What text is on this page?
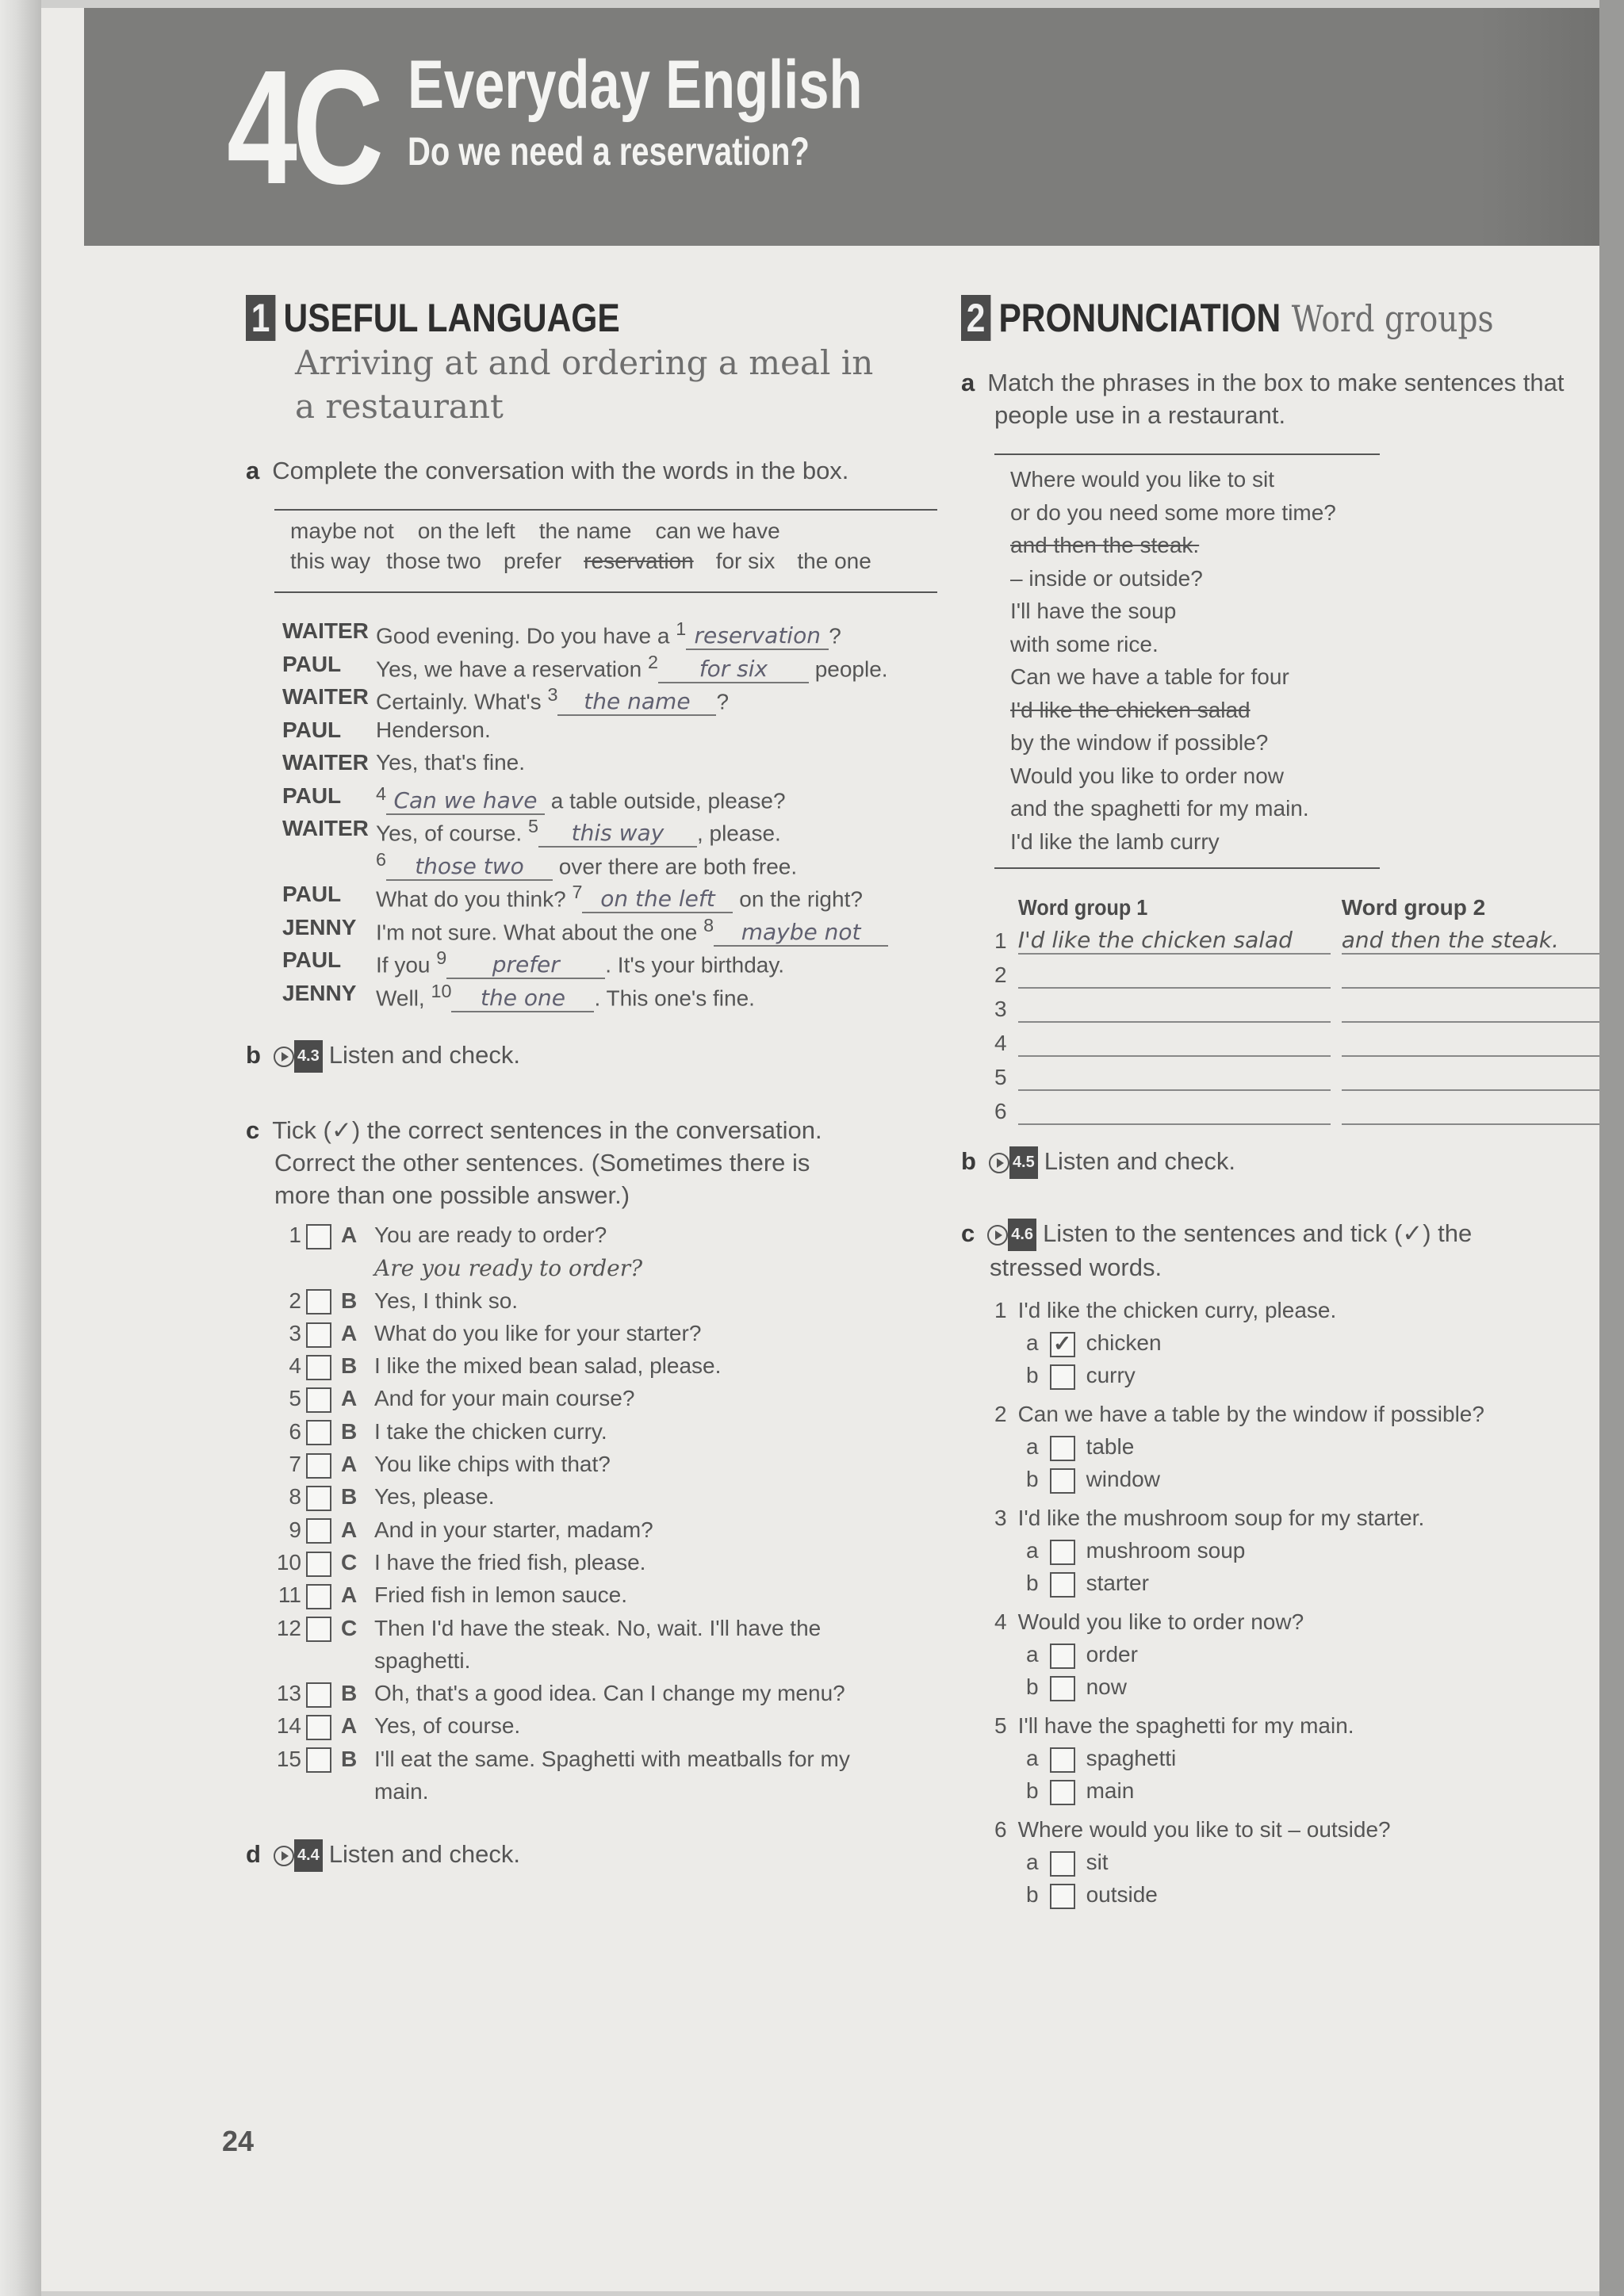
4C Everyday English
Do we need a reservation?
1 USEFUL LANGUAGE
Arriving at and ordering a meal in
a restaurant
a Complete the conversation with the words in the box.
maybe not on the left the name can we have
this way those two prefer reservation for six the one
WAITER	Good evening. Do you have a $^1$ reservation ?
PAUL	Yes, we have a reservation $^2$ for six people.
WAITER	Certainly. What's $^3$ the name ?
PAUL	Henderson.
WAITER	Yes, that's fine.
PAUL	$^4$ Can we have a table outside, please?
WAITER	Yes, of course. $^5$ this way , please.
	$^6$ those two over there are both free.
PAUL	What do you think? $^7$ on the left on the right?
JENNY	I'm not sure. What about the one $^8$ maybe not
PAUL	If you $^9$ prefer . It's your birthday.
JENNY	Well, $^{10}$ the one . This one's fine.
b 4.3 Listen and check.
c Tick (✓) the correct sentences in the conversation.
Correct the other sentences. (Sometimes there is
more than one possible answer.)
1		A	You are ready to order?
			Are you ready to order?
2		B	Yes, I think so.
3		A	What do you like for your starter?
4		B	I like the mixed bean salad, please.
5		A	And for your main course?
6		B	I take the chicken curry.
7		A	You like chips with that?
8		B	Yes, please.
9		A	And in your starter, madam?
10		C	I have the fried fish, please.
11		A	Fried fish in lemon sauce.
12		C	Then I'd have the steak. No, wait. I'll have the
			spaghetti.
13		B	Oh, that's a good idea. Can I change my menu?
14		A	Yes, of course.
15		B	I'll eat the same. Spaghetti with meatballs for my
			main.
d 4.4 Listen and check.
24
2 PRONUNCIATION Word groups
a Match the phrases in the box to make sentences that
people use in a restaurant.
Where would you like to sit
or do you need some more time?
and then the steak.
– inside or outside?
I'll have the soup
with some rice.
Can we have a table for four
I'd like the chicken salad
by the window if possible?
Would you like to order now
and the spaghetti for my main.
I'd like the lamb curry
	Word group 1		Word group 2
1	I'd like the chicken salad		and then the steak.
2			
3			
4			
5			
6			
b 4.5 Listen and check.
c 4.6 Listen to the sentences and tick (✓) the
stressed words.
1 I'd like the chicken curry, please.
a ✓ chicken
b curry
2 Can we have a table by the window if possible?
a table
b window
3 I'd like the mushroom soup for my starter.
a mushroom soup
b starter
4 Would you like to order now?
a order
b now
5 I'll have the spaghetti for my main.
a spaghetti
b main
6 Where would you like to sit – outside?
a sit
b outside
